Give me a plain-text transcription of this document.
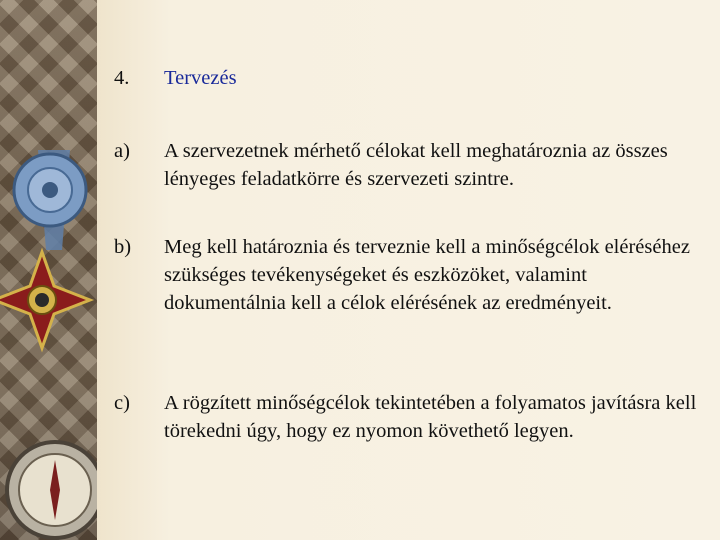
4. Tervezés
a) A szervezetnek mérhető célokat kell meghatároznia az összes lényeges feladatkörre és szervezeti szintre.
b) Meg kell határoznia és terveznie kell a minőségcélok eléréséhez szükséges tevékenységeket és eszközöket, valamint dokumentálnia kell a célok elérésének az eredményeit.
c) A rögzített minőségcélok tekintetében a folyamatos javításra kell törekedni úgy, hogy ez nyomon követhető legyen.
